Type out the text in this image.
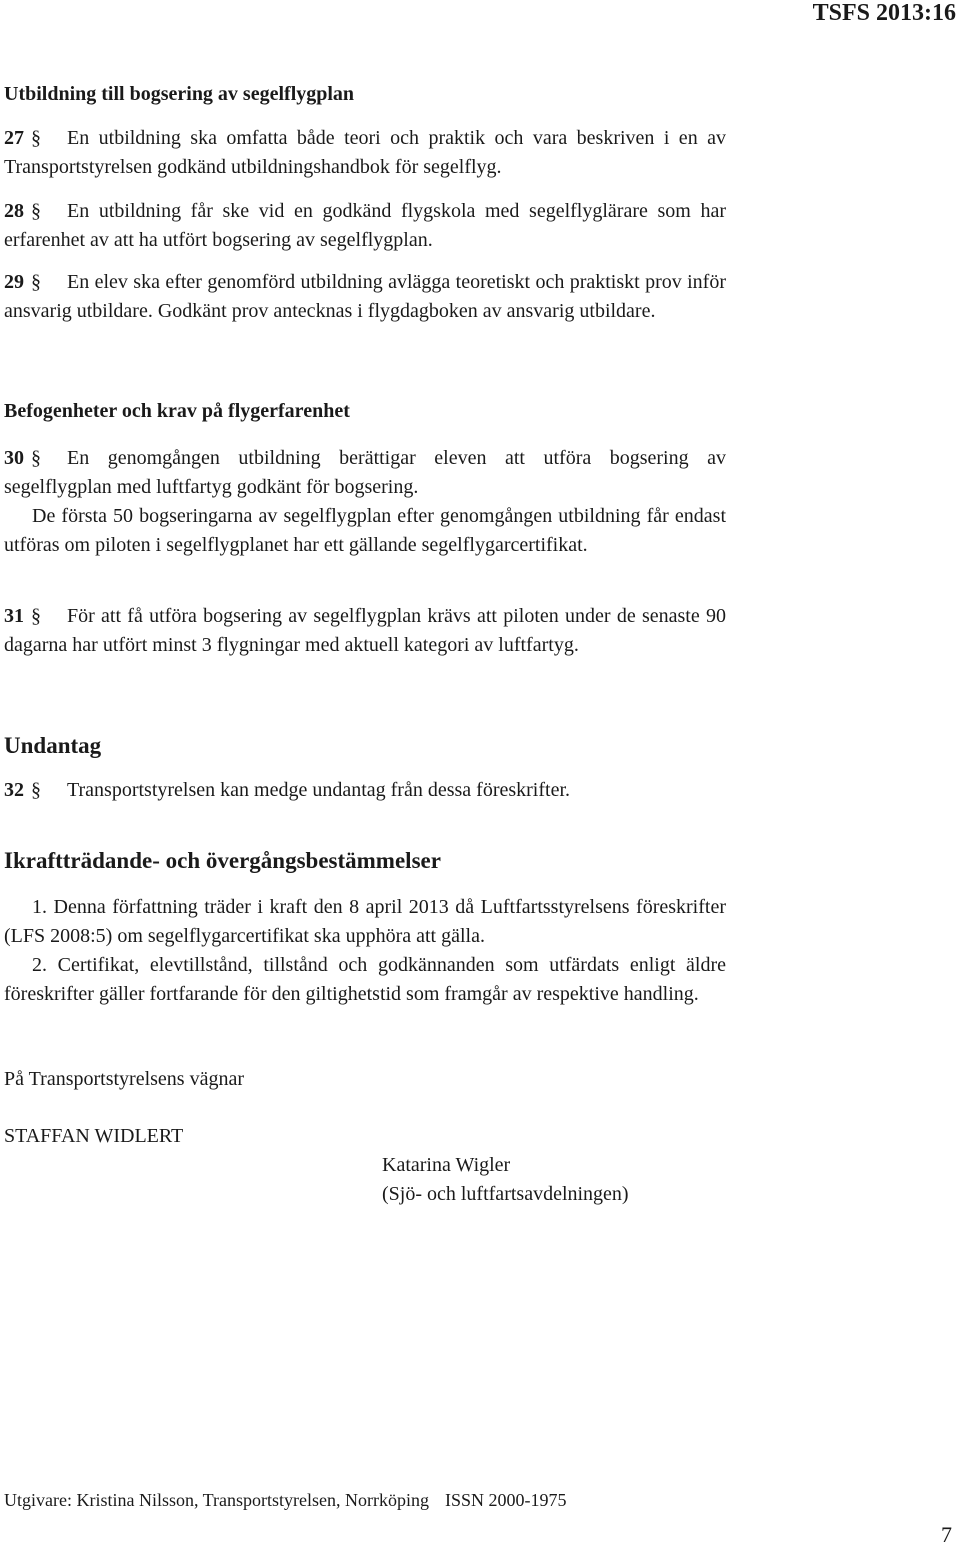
TSFS 2013:16
Utbildning till bogsering av segelflygplan

27 § En utbildning ska omfatta både teori och praktik och vara beskriven i en av Transportstyrelsen godkänd utbildningshandbok för segelflyg.

28 § En utbildning får ske vid en godkänd flygskola med segelflyglärare som har erfarenhet av att ha utfört bogsering av segelflygplan.

29 § En elev ska efter genomförd utbildning avlägga teoretiskt och praktiskt prov inför ansvarig utbildare. Godkänt prov antecknas i flygdagboken av ansvarig utbildare.

Befogenheter och krav på flygerfarenhet

30 § En genomgången utbildning berättigar eleven att utföra bogsering av segelflygplan med luftfartyg godkänt för bogsering.

De första 50 bogseringarna av segelflygplan efter genomgången utbildning får endast utföras om piloten i segelflygplanet har ett gällande segelflygarcertifikat.

31 § För att få utföra bogsering av segelflygplan krävs att piloten under de senaste 90 dagarna har utfört minst 3 flygningar med aktuell kategori av luftfartyg.

Undantag

32 § Transportstyrelsen kan medge undantag från dessa föreskrifter.

Ikraftträdande- och övergångsbestämmelser

1. Denna författning träder i kraft den 8 april 2013 då Luftfartsstyrelsens föreskrifter (LFS 2008:5) om segelflygarcertifikat ska upphöra att gälla.

2. Certifikat, elevtillstånd, tillstånd och godkännanden som utfärdats enligt äldre föreskrifter gäller fortfarande för den giltighetstid som framgår av respektive handling.

På Transportstyrelsens vägnar
STAFFAN WIDLERT
Katarina Wigler
(Sjö- och luftfartsavdelningen)
Utgivare: Kristina Nilsson, Transportstyrelsen, Norrköping ISSN 2000-1975
7
